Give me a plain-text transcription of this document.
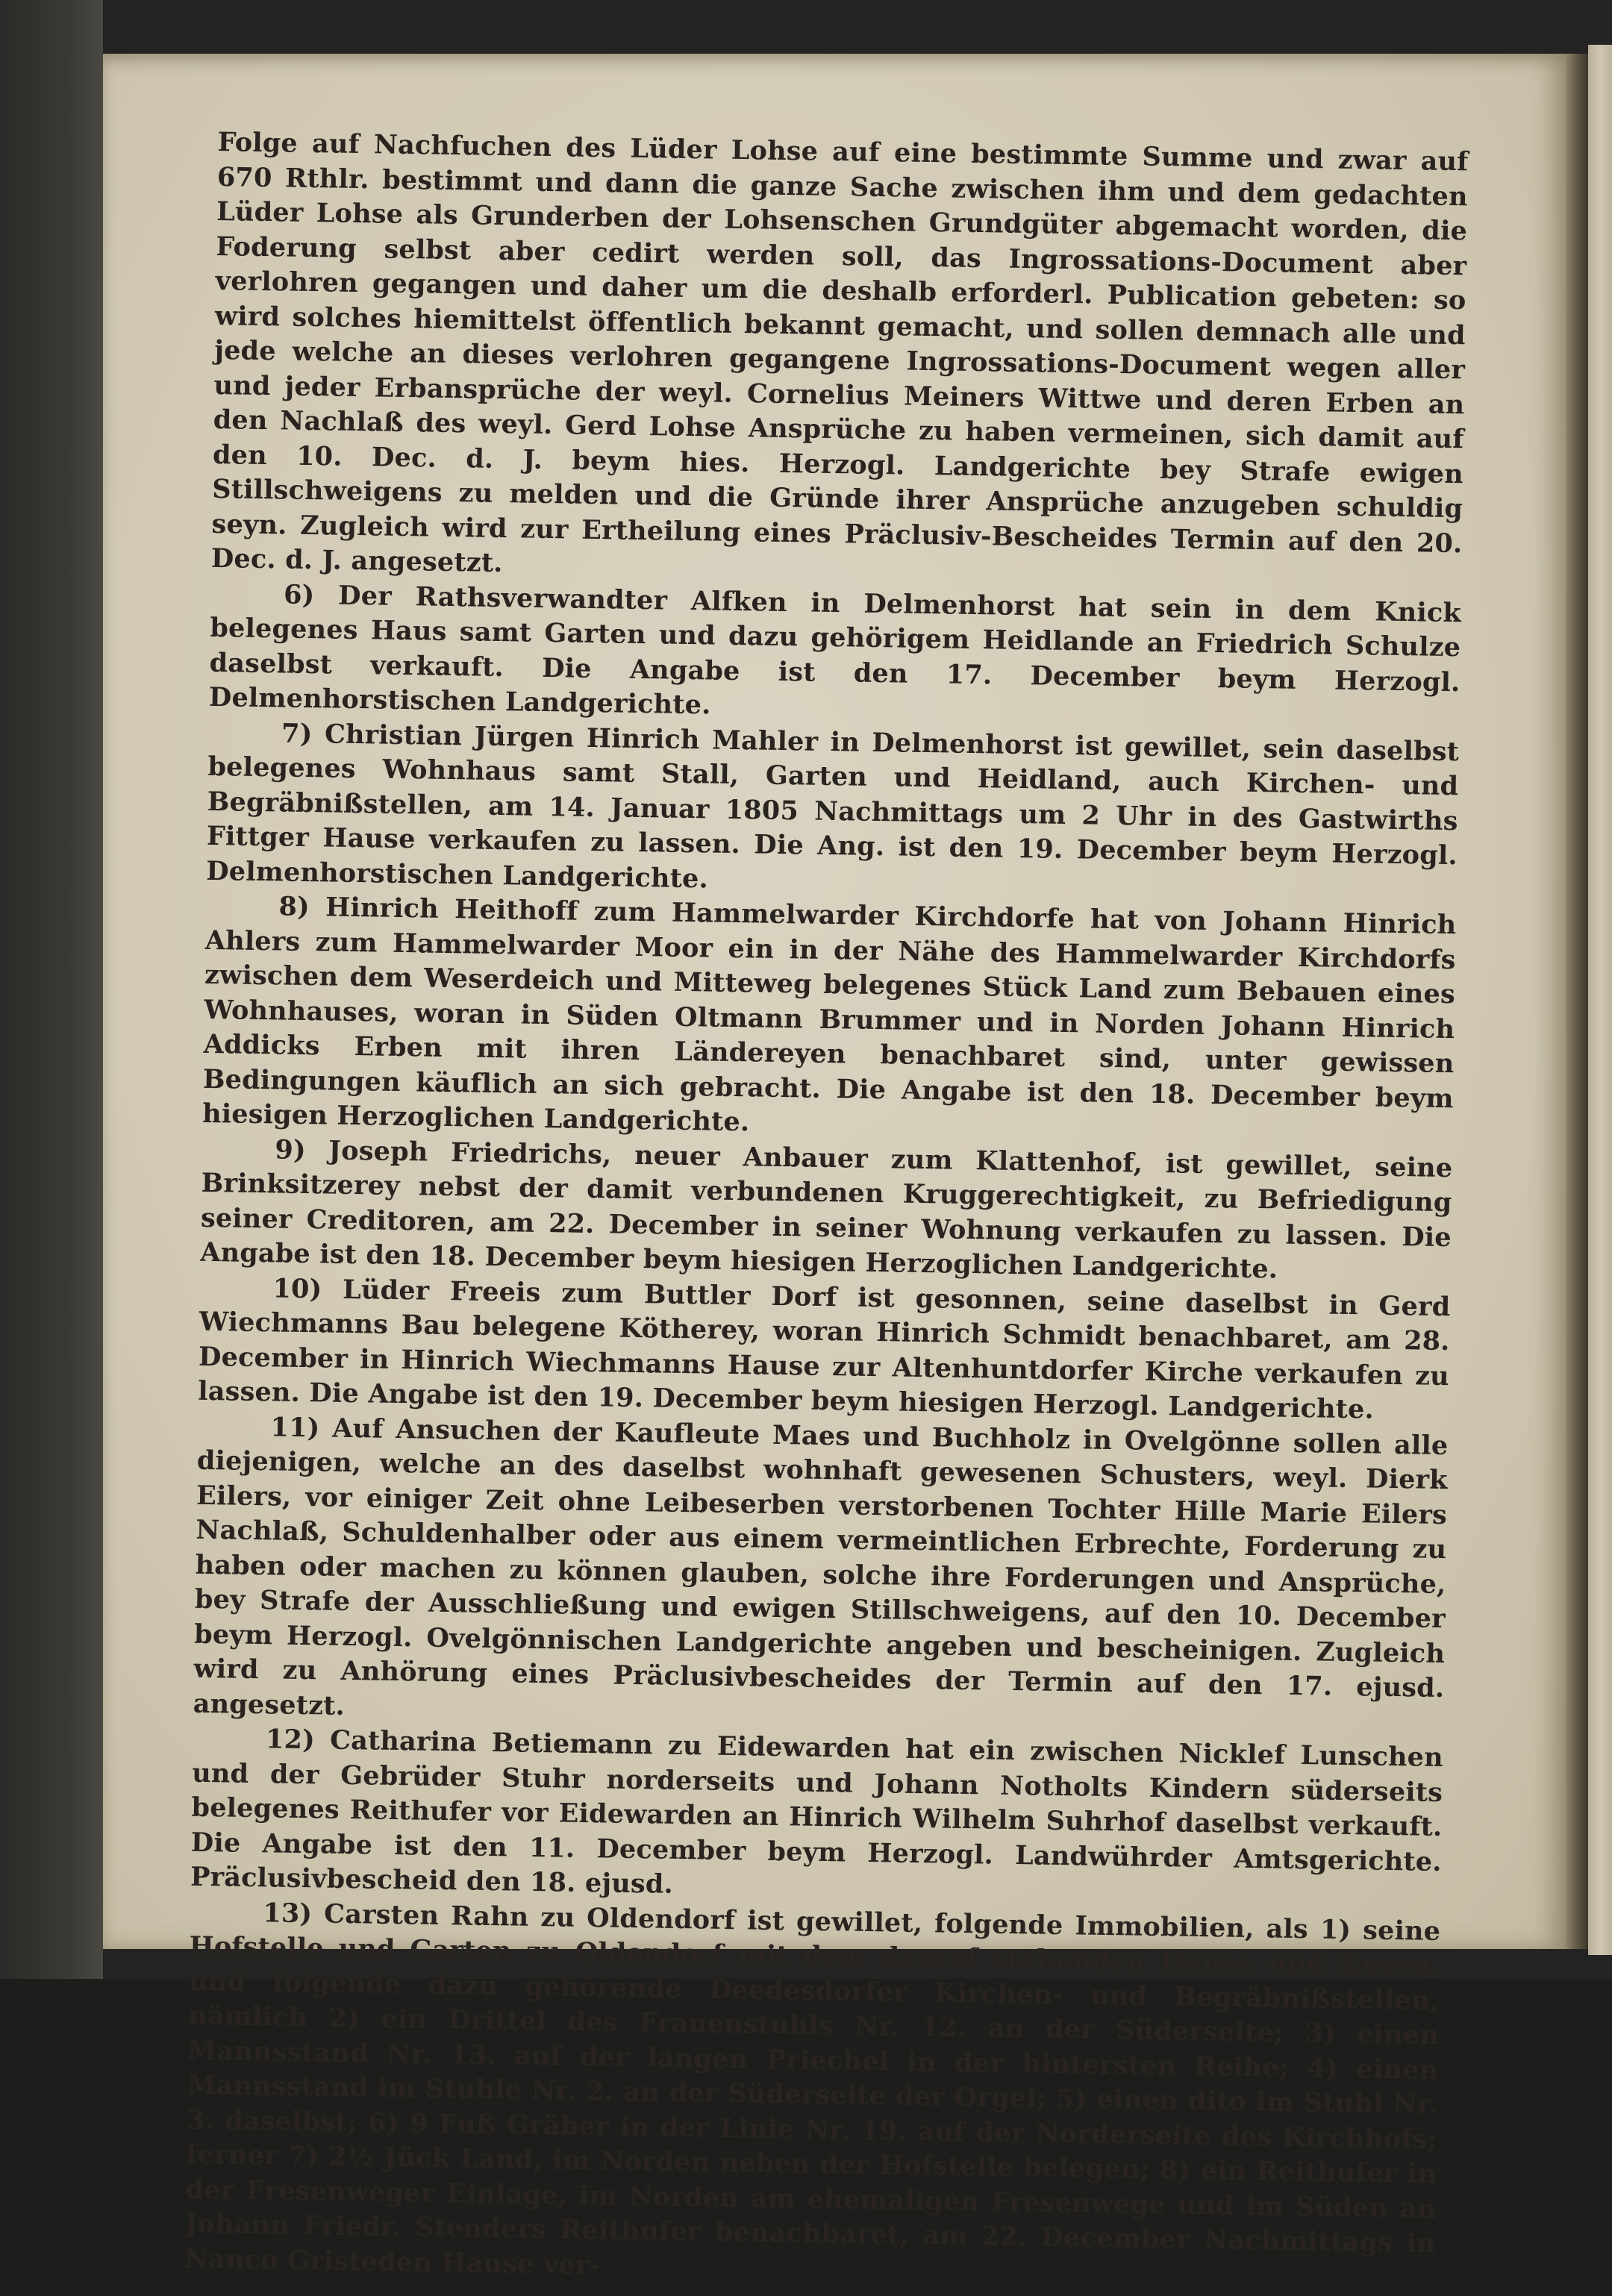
Folge auf Nachfuchen des Lüder Lohse auf eine bestimmte Summe und zwar auf 670 Rthlr. bestimmt und dann die ganze Sache zwischen ihm und dem gedachten Lüder Lohse als Grunderben der Lohsenschen Grundgüter abgemacht worden, die Foderung selbst aber cedirt werden soll, das Ingrossations-Document aber verlohren gegangen und daher um die deshalb erforderl. Publication gebeten: so wird solches hiemittelst öffentlich bekannt gemacht, und sollen demnach alle und jede welche an dieses verlohren gegangene Ingrossations-Document wegen aller und jeder Erbansprüche der weyl. Cornelius Meiners Wittwe und deren Erben an den Nachlaß des weyl. Gerd Lohse Ansprüche zu haben vermeinen, sich damit auf den 10. Dec. d. J. beym hies. Herzogl. Landgerichte bey Strafe ewigen Stillschweigens zu melden und die Gründe ihrer Ansprüche anzugeben schuldig seyn. Zugleich wird zur Ertheilung eines Präclusiv-Bescheides Termin auf den 20. Dec. d. J. angesetzt.

6) Der Rathsverwandter Alfken in Delmenhorst hat sein in dem Knick belegenes Haus samt Garten und dazu gehörigem Heidlande an Friedrich Schulze daselbst verkauft. Die Angabe ist den 17. December beym Herzogl. Delmenhorstischen Landgerichte.

7) Christian Jürgen Hinrich Mahler in Delmenhorst ist gewillet, sein daselbst belegenes Wohnhaus samt Stall, Garten und Heidland, auch Kirchen- und Begräbnißstellen, am 14. Januar 1805 Nachmittags um 2 Uhr in des Gastwirths Fittger Hause verkaufen zu lassen. Die Ang. ist den 19. December beym Herzogl. Delmenhorstischen Landgerichte.

8) Hinrich Heithoff zum Hammelwarder Kirchdorfe hat von Johann Hinrich Ahlers zum Hammelwarder Moor ein in der Nähe des Hammelwarder Kirchdorfs zwischen dem Weserdeich und Mitteweg belegenes Stück Land zum Bebauen eines Wohnhauses, woran in Süden Oltmann Brummer und in Norden Johann Hinrich Addicks Erben mit ihren Ländereyen benachbaret sind, unter gewissen Bedingungen käuflich an sich gebracht. Die Angabe ist den 18. December beym hiesigen Herzoglichen Landgerichte.

9) Joseph Friedrichs, neuer Anbauer zum Klattenhof, ist gewillet, seine Brinksitzerey nebst der damit verbundenen Kruggerechtigkeit, zu Befriedigung seiner Creditoren, am 22. December in seiner Wohnung verkaufen zu lassen. Die Angabe ist den 18. December beym hiesigen Herzoglichen Landgerichte.

10) Lüder Freeis zum Buttler Dorf ist gesonnen, seine daselbst in Gerd Wiechmanns Bau belegene Kötherey, woran Hinrich Schmidt benachbaret, am 28. December in Hinrich Wiechmanns Hause zur Altenhuntdorfer Kirche verkaufen zu lassen. Die Angabe ist den 19. December beym hiesigen Herzogl. Landgerichte.

11) Auf Ansuchen der Kaufleute Maes und Buchholz in Ovelgönne sollen alle diejenigen, welche an des daselbst wohnhaft gewesenen Schusters, weyl. Dierk Eilers, vor einiger Zeit ohne Leibeserben verstorbenen Tochter Hille Marie Eilers Nachlaß, Schuldenhalber oder aus einem vermeintlichen Erbrechte, Forderung zu haben oder machen zu können glauben, solche ihre Forderungen und Ansprüche, bey Strafe der Ausschließung und ewigen Stillschweigens, auf den 10. December beym Herzogl. Ovelgönnischen Landgerichte angeben und bescheinigen. Zugleich wird zu Anhörung eines Präclusivbescheides der Termin auf den 17. ejusd. angesetzt.

12) Catharina Betiemann zu Eidewarden hat ein zwischen Nicklef Lunschen und der Gebrüder Stuhr norderseits und Johann Notholts Kindern süderseits belegenes Reithufer vor Eidewarden an Hinrich Wilhelm Suhrhof daselbst verkauft. Die Angabe ist den 11. December beym Herzogl. Landwührder Amtsgerichte. Präclusivbescheid den 18. ejusd.

13) Carsten Rahn zu Oldendorf ist gewillet, folgende Immobilien, als 1) seine Hofstelle und Garten zu Oldendorf mit dem darauf stehenden Hause und Koven, und folgende dazu gehörende Deedesdorfer Kirchen- und Begräbnißstellen, nämlich 2) ein Drittel des Frauenstuhls Nr. 12. an der Süderseite; 3) einen Mannsstand Nr. 13. auf der langen Priechel in der hintersten Reihe; 4) einen Mannsstand im Stuhle Nr. 2. an der Süderseite der Orgel; 5) einen dito im Stuhl Nr. 3. daselbst; 6) 9 Fuß Gräber in der Linie Nr. 19. auf der Norderseite des Kirchhofs; ferner 7) 2½ Jück Land, im Norden neben der Hofstelle belegen; 8) ein Reithufer in der Fresenweger Einlage, im Norden am ehemaligen Fresenwege und im Süden an Johann Friedr. Stenders Reithufer benachbaret, am 22. December Nachmittags in Nanco Gristeden Hause ver-
